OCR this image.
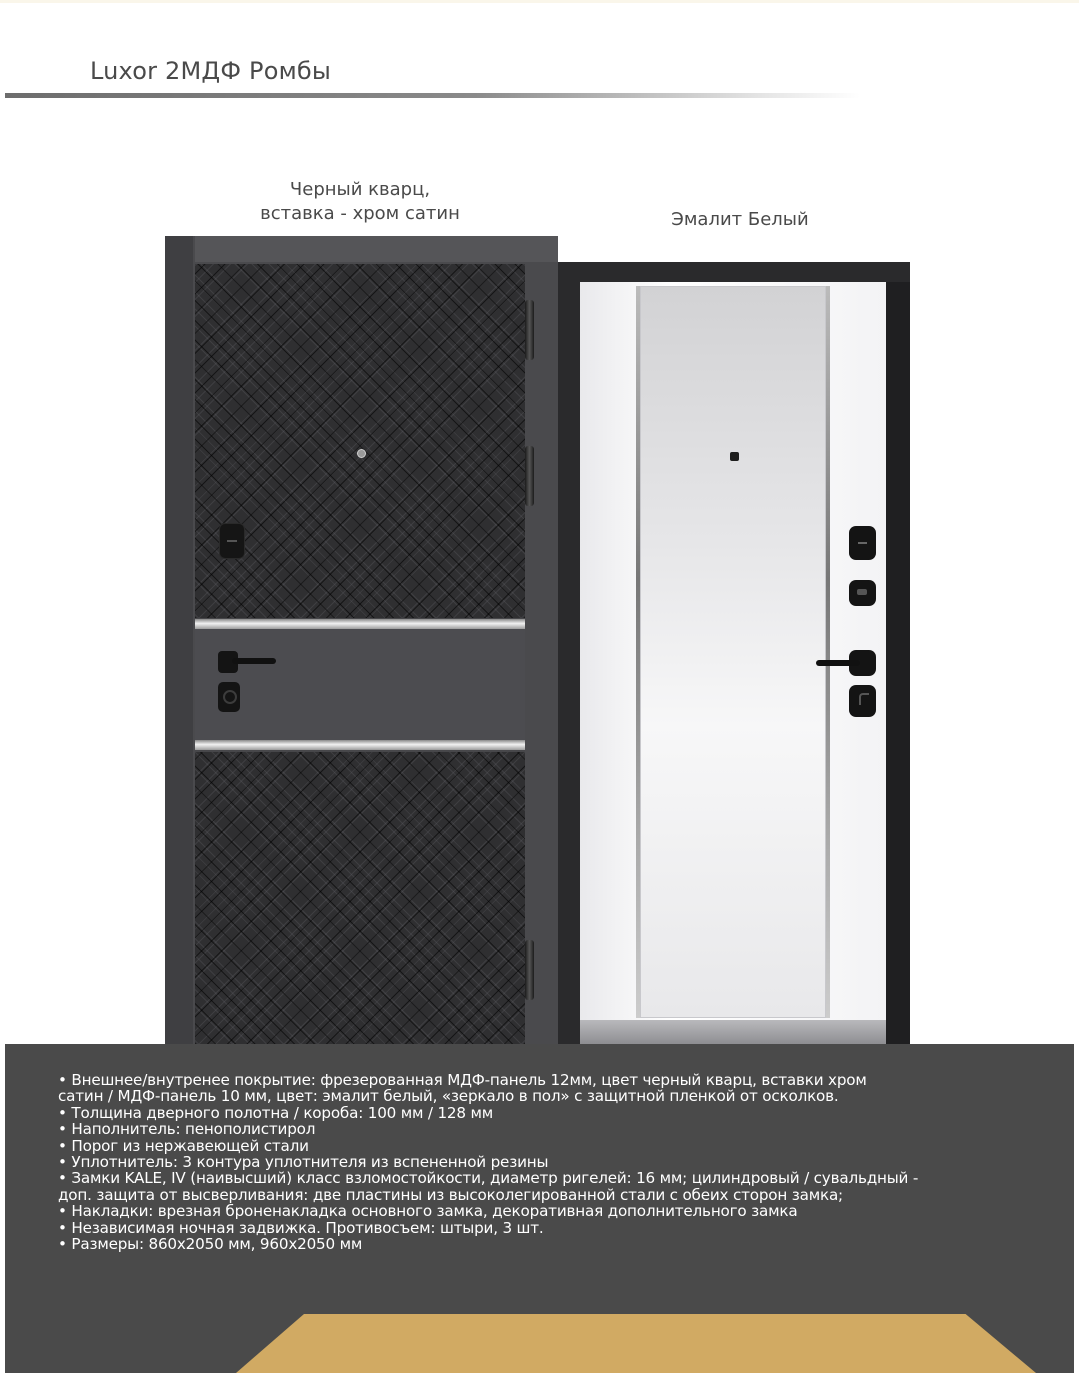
Luxor 2МДФ Ромбы
Черный кварц,
вставка - хром сатин	Эмалит Белый
• Внешнее/внутренее покрытие: фрезерованная МДФ-панель 12мм, цвет черный кварц, вставки хром
сатин / МДФ-панель 10 мм, цвет: эмалит белый, «зеркало в пол» с защитной пленкой от осколков.
• Толщина дверного полотна / короба: 100 мм / 128 мм
• Наполнитель: пенополистирол
• Порог из нержавеющей стали
• Уплотнитель: 3 контура уплотнителя из вспененной резины
• Замки KALE, IV (наивысший) класс взломостойкости, диаметр ригелей: 16 мм; цилиндровый / сувальдный -
доп. защита от высверливания: две пластины из высоколегированной стали с обеих сторон замка;
• Накладки: врезная броненакладка основного замка, декоративная дополнительного замка
• Независимая ночная задвижка. Противосъем: штыри, 3 шт.
• Размеры: 860х2050 мм, 960х2050 мм
